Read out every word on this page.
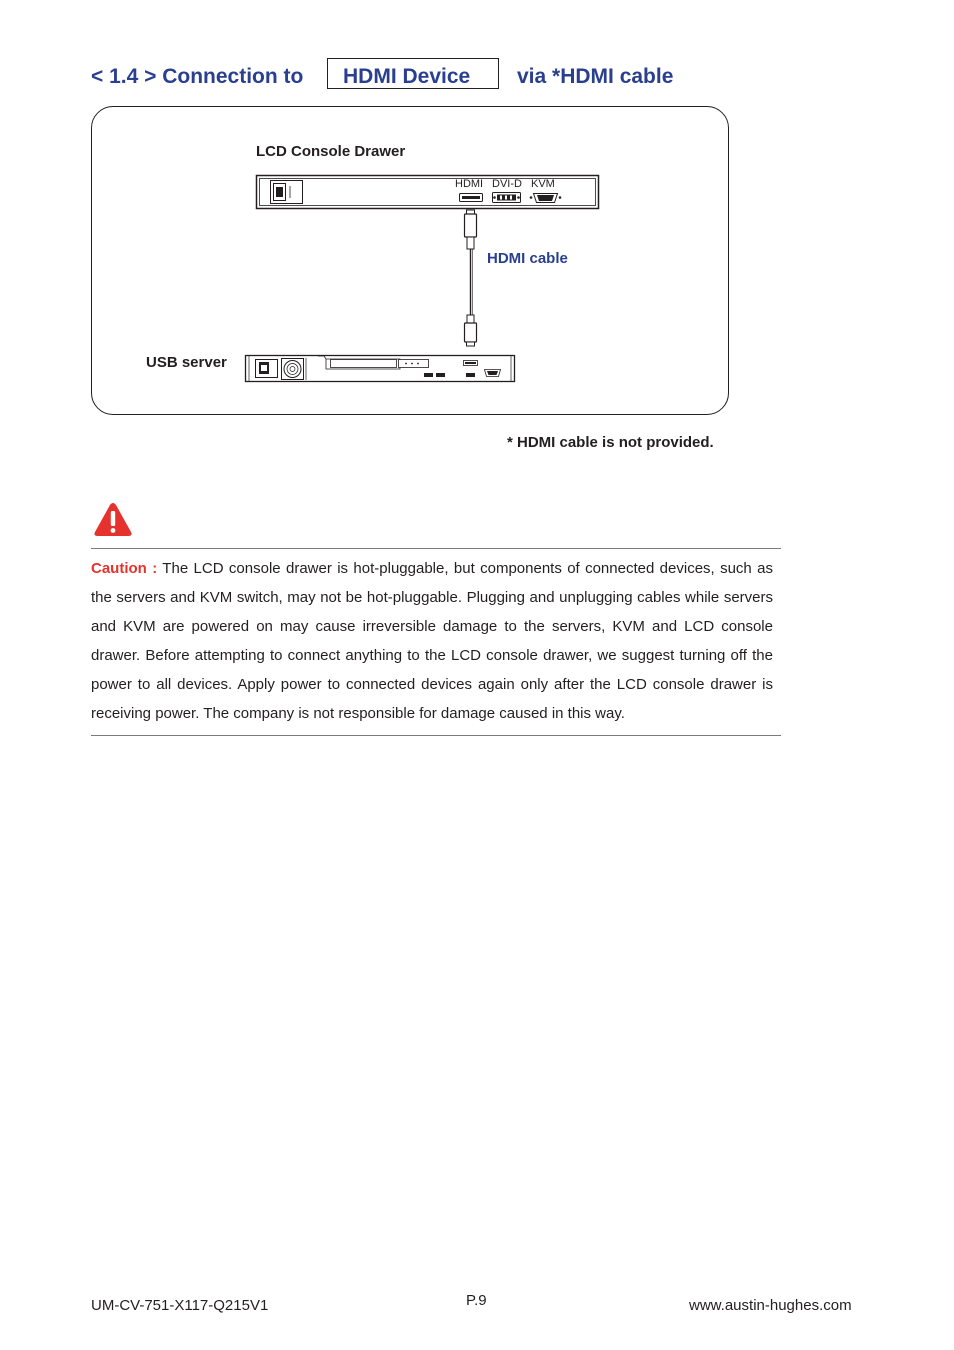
< 1.4 > Connection to HDMI Device via *HDMI cable
LCD Console Drawer
HDMI DVI-D KVM
HDMI cable
USB server
* HDMI cable is not provided.
Caution : The LCD console drawer is hot-pluggable, but components of connected devices, such as the servers and KVM switch, may not be hot-pluggable. Plugging and unplugging cables while servers and KVM are powered on may cause irreversible damage to the servers, KVM and LCD console drawer. Before attempting to connect anything to the LCD console drawer, we suggest turning off the power to all devices. Apply power to connected devices again only after the LCD console drawer is receiving power. The company is not responsible for damage caused in this way.
UM-CV-751-X117-Q215V1	P.9	www.austin-hughes.com
